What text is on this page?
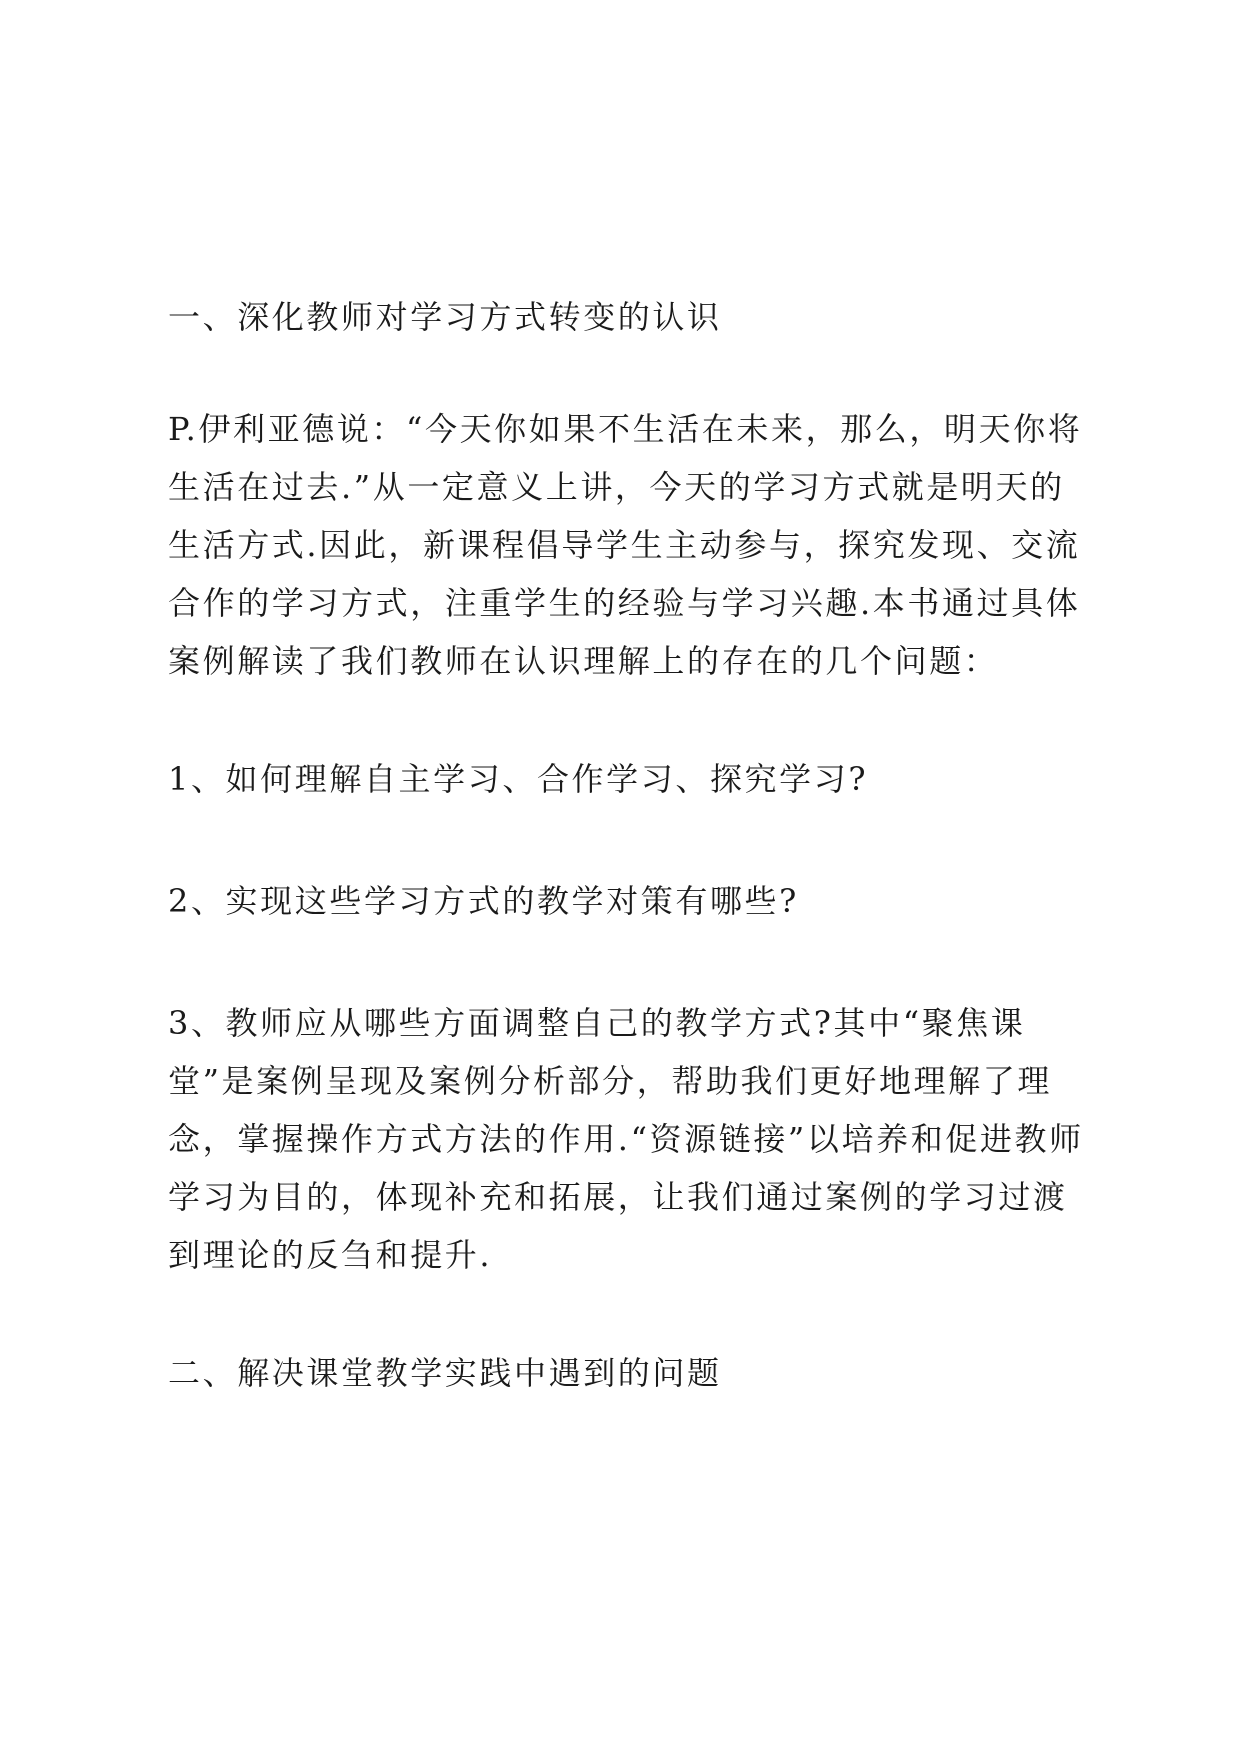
一、深化教师对学习方式转变的认识

P.伊利亚德说：“今天你如果不生活在未来，那么，明天你将生活在过去.”从一定意义上讲，今天的学习方式就是明天的生活方式.因此，新课程倡导学生主动参与，探究发现、交流合作的学习方式，注重学生的经验与学习兴趣.本书通过具体案例解读了我们教师在认识理解上的存在的几个问题：

1、如何理解自主学习、合作学习、探究学习?

2、实现这些学习方式的教学对策有哪些?

3、教师应从哪些方面调整自己的教学方式?其中“聚焦课堂”是案例呈现及案例分析部分，帮助我们更好地理解了理念，掌握操作方式方法的作用.“资源链接”以培养和促进教师学习为目的，体现补充和拓展，让我们通过案例的学习过渡到理论的反刍和提升.

二、解决课堂教学实践中遇到的问题
